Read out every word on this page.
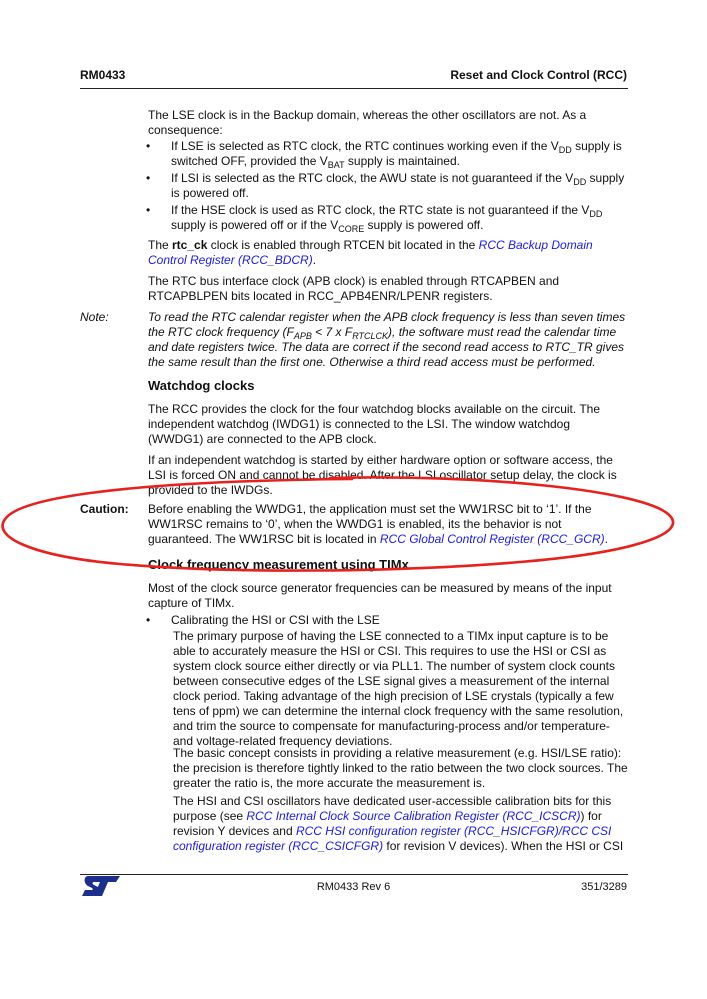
RM0433	Reset and Clock Control (RCC)
The LSE clock is in the Backup domain, whereas the other oscillators are not. As a consequence:
• If LSE is selected as RTC clock, the RTC continues working even if the $V_{DD}$ supply is switched OFF, provided the $V_{BAT}$ supply is maintained.
• If LSI is selected as the RTC clock, the AWU state is not guaranteed if the $V_{DD}$ supply is powered off.
• If the HSE clock is used as RTC clock, the RTC state is not guaranteed if the $V_{DD}$ supply is powered off or if the $V_{CORE}$ supply is powered off.
The rtc_ck clock is enabled through RTCEN bit located in the RCC Backup Domain Control Register (RCC_BDCR).
The RTC bus interface clock (APB clock) is enabled through RTCAPBEN and RTCAPBLPEN bits located in RCC_APB4ENR/LPENR registers.
Note:	To read the RTC calendar register when the APB clock frequency is less than seven times the RTC clock frequency ($F_{APB} < 7$ x $F_{RTCLCK}$), the software must read the calendar time and date registers twice. The data are correct if the second read access to RTC_TR gives the same result than the first one. Otherwise a third read access must be performed.
Watchdog clocks
The RCC provides the clock for the four watchdog blocks available on the circuit. The independent watchdog (IWDG1) is connected to the LSI. The window watchdog (WWDG1) are connected to the APB clock.
If an independent watchdog is started by either hardware option or software access, the LSI is forced ON and cannot be disabled. After the LSI oscillator setup delay, the clock is provided to the IWDGs.
Caution: Before enabling the WWDG1, the application must set the WW1RSC bit to ‘1’. If the WW1RSC remains to ‘0’, when the WWDG1 is enabled, its the behavior is not guaranteed. The WW1RSC bit is located in RCC Global Control Register (RCC_GCR).
Clock frequency measurement using TIMx
Most of the clock source generator frequencies can be measured by means of the input capture of TIMx.
• Calibrating the HSI or CSI with the LSE
The primary purpose of having the LSE connected to a TIMx input capture is to be able to accurately measure the HSI or CSI. This requires to use the HSI or CSI as system clock source either directly or via PLL1. The number of system clock counts between consecutive edges of the LSE signal gives a measurement of the internal clock period. Taking advantage of the high precision of LSE crystals (typically a few tens of ppm) we can determine the internal clock frequency with the same resolution, and trim the source to compensate for manufacturing-process and/or temperature- and voltage-related frequency deviations.
The basic concept consists in providing a relative measurement (e.g. HSI/LSE ratio): the precision is therefore tightly linked to the ratio between the two clock sources. The greater the ratio is, the more accurate the measurement is.
The HSI and CSI oscillators have dedicated user-accessible calibration bits for this purpose (see RCC Internal Clock Source Calibration Register (RCC_ICSCR)) for revision Y devices and RCC HSI configuration register (RCC_HSICFGR)/RCC CSI configuration register (RCC_CSICFGR) for revision V devices). When the HSI or CSI
RM0433 Rev 6	351/3289
